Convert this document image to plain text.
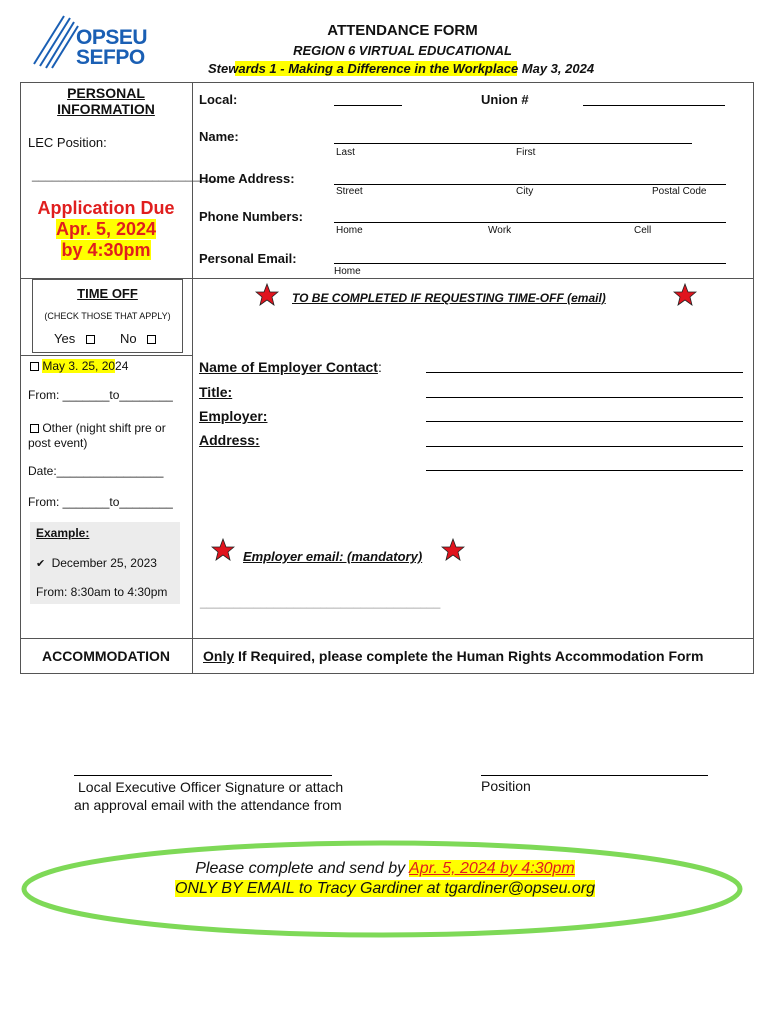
OPSEU
SEFPO
ATTENDANCE FORM
REGION 6 VIRTUAL EDUCATIONAL
Stewards 1 - Making a Difference in the Workplace May 3, 2024
PERSONAL
INFORMATION
LEC Position:
____________________________
Application Due
Apr. 5, 2024
by 4:30pm
Local:	Union #
Name:
Last	First
Home Address:
Street	City	Postal Code
Phone Numbers:
Home	Work	Cell
Personal Email:
Home
TIME OFF
(CHECK THOSE THAT APPLY)
Yes	No
May 3. 25, 2024
From: _______to________
Other (night shift pre or
post event)
Date:________________
From: _______to________
Example:
✔ December 25, 2023
From: 8:30am to 4:30pm
TO BE COMPLETED IF REQUESTING TIME-OFF (email)
Name of Employer Contact:
Title:
Employer:
Address:
Employer email: (mandatory)
____________________________________
ACCOMMODATION	Only If Required, please complete the Human Rights Accommodation Form
Local Executive Officer Signature or attach
an approval email with the attendance from
Position
Please complete and send by Apr. 5, 2024 by 4:30pm
ONLY BY EMAIL to Tracy Gardiner at tgardiner@opseu.org
